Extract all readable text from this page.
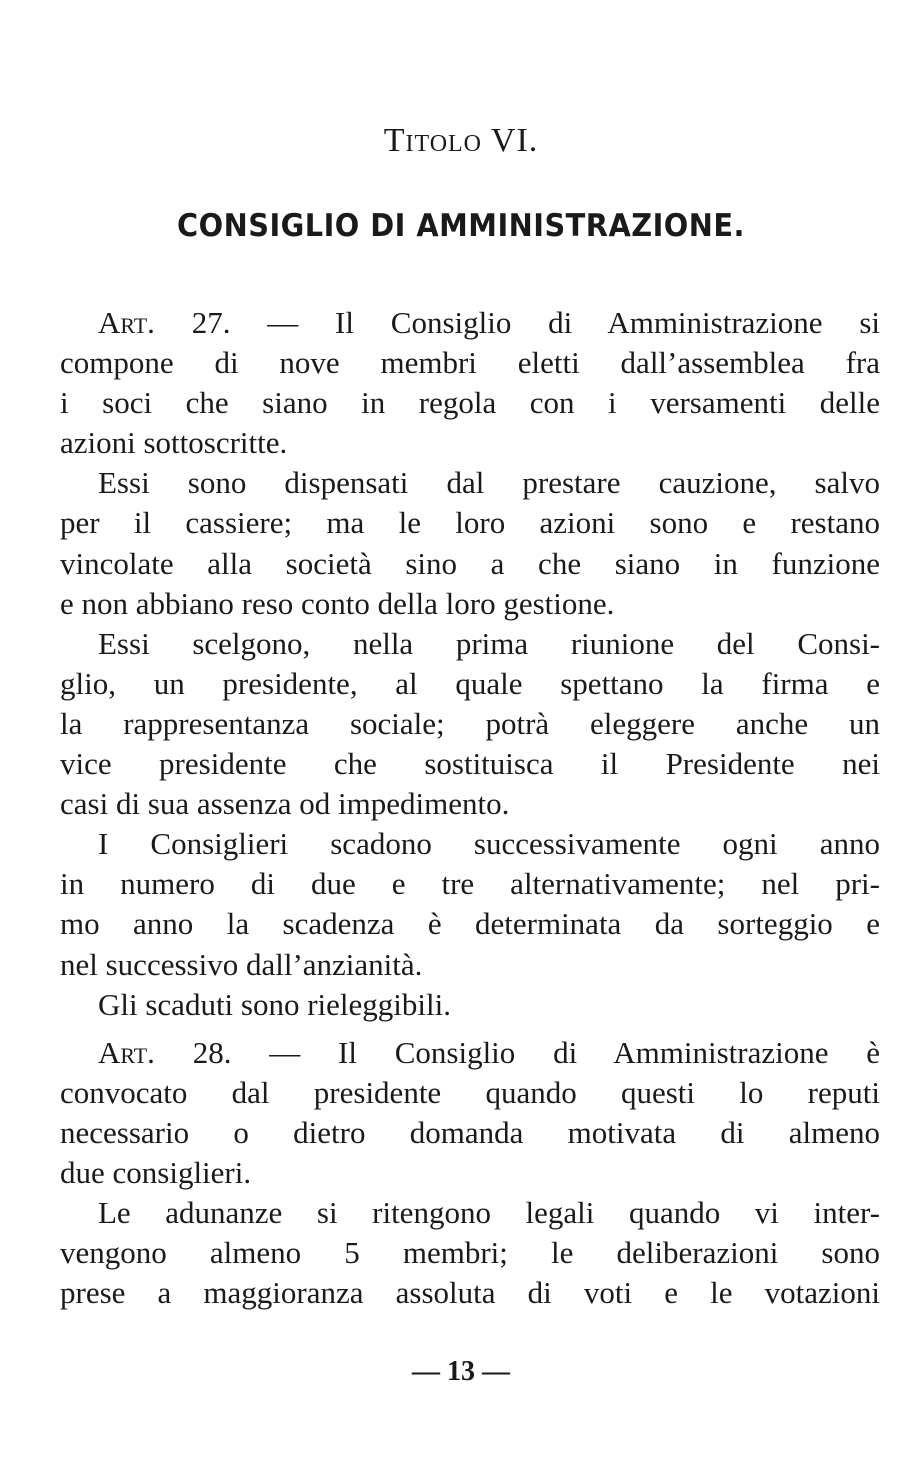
Titolo VI.
CONSIGLIO DI AMMINISTRAZIONE.
Art. 27. — Il Consiglio di Amministrazione si
compone di nove membri eletti dall’assemblea fra
i soci che siano in regola con i versamenti delle
azioni sottoscritte.
Essi sono dispensati dal prestare cauzione, salvo
per il cassiere; ma le loro azioni sono e restano
vincolate alla società sino a che siano in funzione
e non abbiano reso conto della loro gestione.
Essi scelgono, nella prima riunione del Consi-
glio, un presidente, al quale spettano la firma e
la rappresentanza sociale; potrà eleggere anche un
vice presidente che sostituisca il Presidente nei
casi di sua assenza od impedimento.
I Consiglieri scadono successivamente ogni anno
in numero di due e tre alternativamente; nel pri-
mo anno la scadenza è determinata da sorteggio e
nel successivo dall’anzianità.
Gli scaduti sono rieleggibili.
Art. 28. — Il Consiglio di Amministrazione è
convocato dal presidente quando questi lo reputi
necessario o dietro domanda motivata di almeno
due consiglieri.
Le adunanze si ritengono legali quando vi inter-
vengono almeno 5 membri; le deliberazioni sono
prese a maggioranza assoluta di voti e le votazioni
— 13 —
